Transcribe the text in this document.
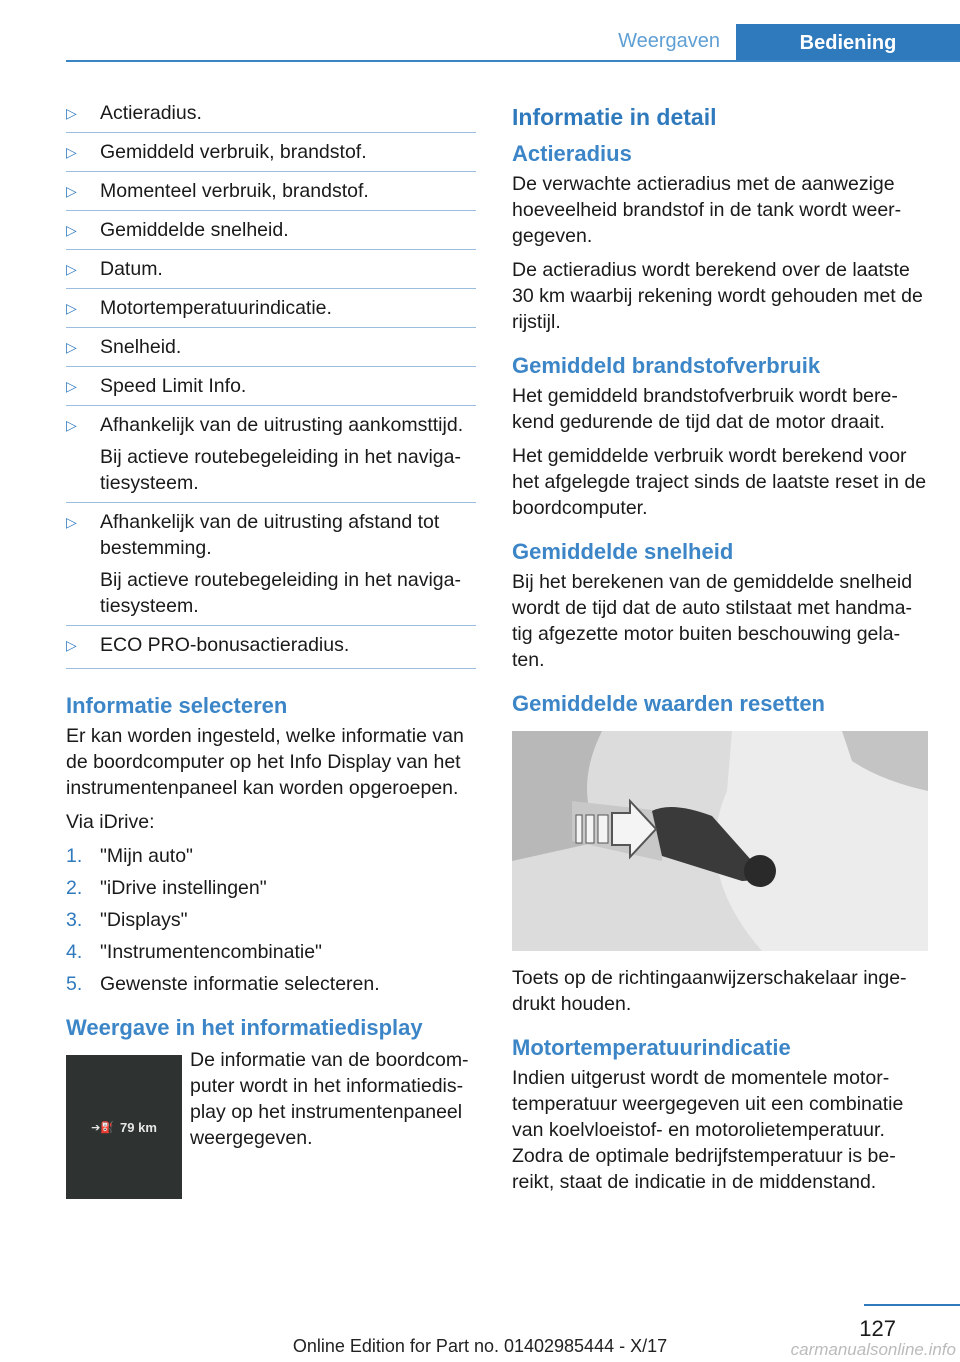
Weergaven	Bediening
▷	Actieradius.

▷	Gemiddeld verbruik, brandstof.

▷	Momenteel verbruik, brandstof.

▷	Gemiddelde snelheid.

▷	Datum.

▷	Motortemperatuurindicatie.

▷	Snelheid.

▷	Speed Limit Info.

▷	Afhankelijk van de uitrusting aankomsttijd.

Bij actieve routebegeleiding in het naviga‐tiesysteem.

▷	Afhankelijk van de uitrusting afstand tot bestemming.

Bij actieve routebegeleiding in het naviga‐tiesysteem.

▷	ECO PRO-bonusactieradius.

Informatie selecteren

Er kan worden ingesteld, welke informatie van de boordcomputer op het Info Display van het instrumentenpaneel kan worden opgeroepen.

Via iDrive:

1. "Mijn auto"
2. "iDrive instellingen"
3. "Displays"
4. "Instrumentencombinatie"
5. Gewenste informatie selecteren.
Weergave in het informatiedisplay
➔⛽ 79 km
De informatie van de boordcom‐puter wordt in het informatiedis‐play op het instrumentenpaneel weergegeven.
Informatie in detail
Actieradius

De verwachte actieradius met de aanwezige hoeveelheid brandstof in de tank wordt weer‐gegeven.

De actieradius wordt berekend over de laatste 30 km waarbij rekening wordt gehouden met de rijstijl.

Gemiddeld brandstofverbruik

Het gemiddeld brandstofverbruik wordt bere‐kend gedurende de tijd dat de motor draait.

Het gemiddelde verbruik wordt berekend voor het afgelegde traject sinds de laatste reset in de boordcomputer.

Gemiddelde snelheid

Bij het berekenen van de gemiddelde snelheid wordt de tijd dat de auto stilstaat met handma‐tig afgezette motor buiten beschouwing gela‐ten.

Gemiddelde waarden resetten

Toets op de richtingaanwijzerschakelaar inge‐drukt houden.

Motortemperatuurindicatie

Indien uitgerust wordt de momentele motor‐temperatuur weergegeven uit een combinatie van koelvloeistof- en motorolietemperatuur. Zodra de optimale bedrijfstemperatuur is be‐reikt, staat de indicatie in de middenstand.

127
Online Edition for Part no. 01402985444 - X/17	carmanualsonline.info
